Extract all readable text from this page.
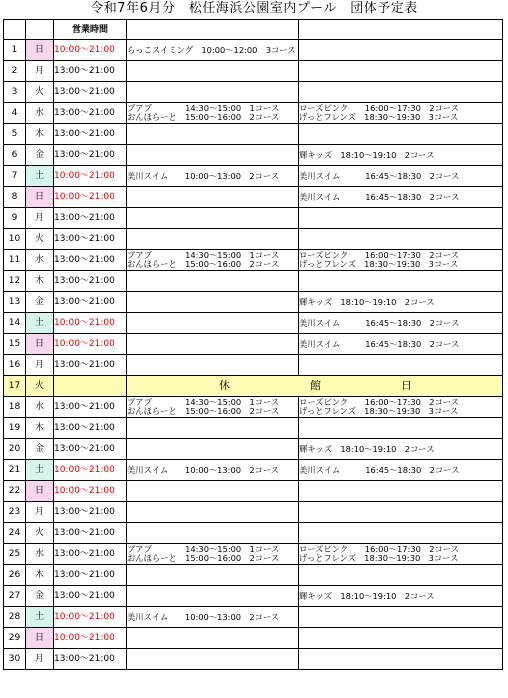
令和7年6月分　松任海浜公園室内プール　団体予定表
		営業時間		
1	日	10:00～21:00	らっこスイミング　10:00～12:00　3コース	

2	月	13:00～21:00		
3	火	13:00～21:00		
4	水	13:00～21:00	ブアブ　　　　14:30～15:00　1コース
おんほらーと　15:00～16:00　2コース	ローズピンク　　16:00～17:30　2コース
げっとフレンズ　18:30～19:30　3コース

5	木	13:00～21:00		
6	金	13:00～21:00		輝キッズ　18:10～19:10　2コース

7	土	10:00～21:00	美川スイム　　10:00～13:00　2コース	美川スイム　　　16:45～18:30　2コース

8	日	10:00～21:00		美川スイム　　　16:45～18:30　2コース

9	月	13:00～21:00		
10	火	13:00～21:00		
11	水	13:00～21:00	ブアブ　　　　14:30～15:00　1コース
おんほらーと　15:00～16:00　2コース	ローズピンク　　16:00～17:30　2コース
げっとフレンズ　18:30～19:30　3コース

12	木	13:00～21:00		
13	金	13:00～21:00		輝キッズ　18:10～19:10　2コース

14	土	10:00～21:00		美川スイム　　　16:45～18:30　2コース

15	日	10:00～21:00		美川スイム　　　16:45～18:30　2コース

16	月	13:00～21:00		
17	火		休 館 日	

18	水	13:00～21:00	ブアブ　　　　14:30～15:00　1コース
おんほらーと　15:00～16:00　2コース	ローズピンク　　16:00～17:30　2コース
げっとフレンズ　18:30～19:30　3コース

19	木	13:00～21:00		
20	金	13:00～21:00		輝キッズ　18:10～19:10　2コース

21	土	10:00～21:00	美川スイム　　10:00～13:00　2コース	美川スイム　　　16:45～18:30　2コース

22	日	10:00～21:00		
23	月	13:00～21:00		
24	火	13:00～21:00		
25	水	13:00～21:00	ブアブ　　　　14:30～15:00　1コース
おんほらーと　15:00～16:00　2コース	ローズピンク　　16:00～17:30　2コース
げっとフレンズ　18:30～19:30　3コース

26	木	13:00～21:00		
27	金	13:00～21:00		輝キッズ　18:10～19:10　2コース

28	土	10:00～21:00	美川スイム　　10:00～13:00　2コース	

29	日	10:00～21:00		
30	月	13:00～21:00		
